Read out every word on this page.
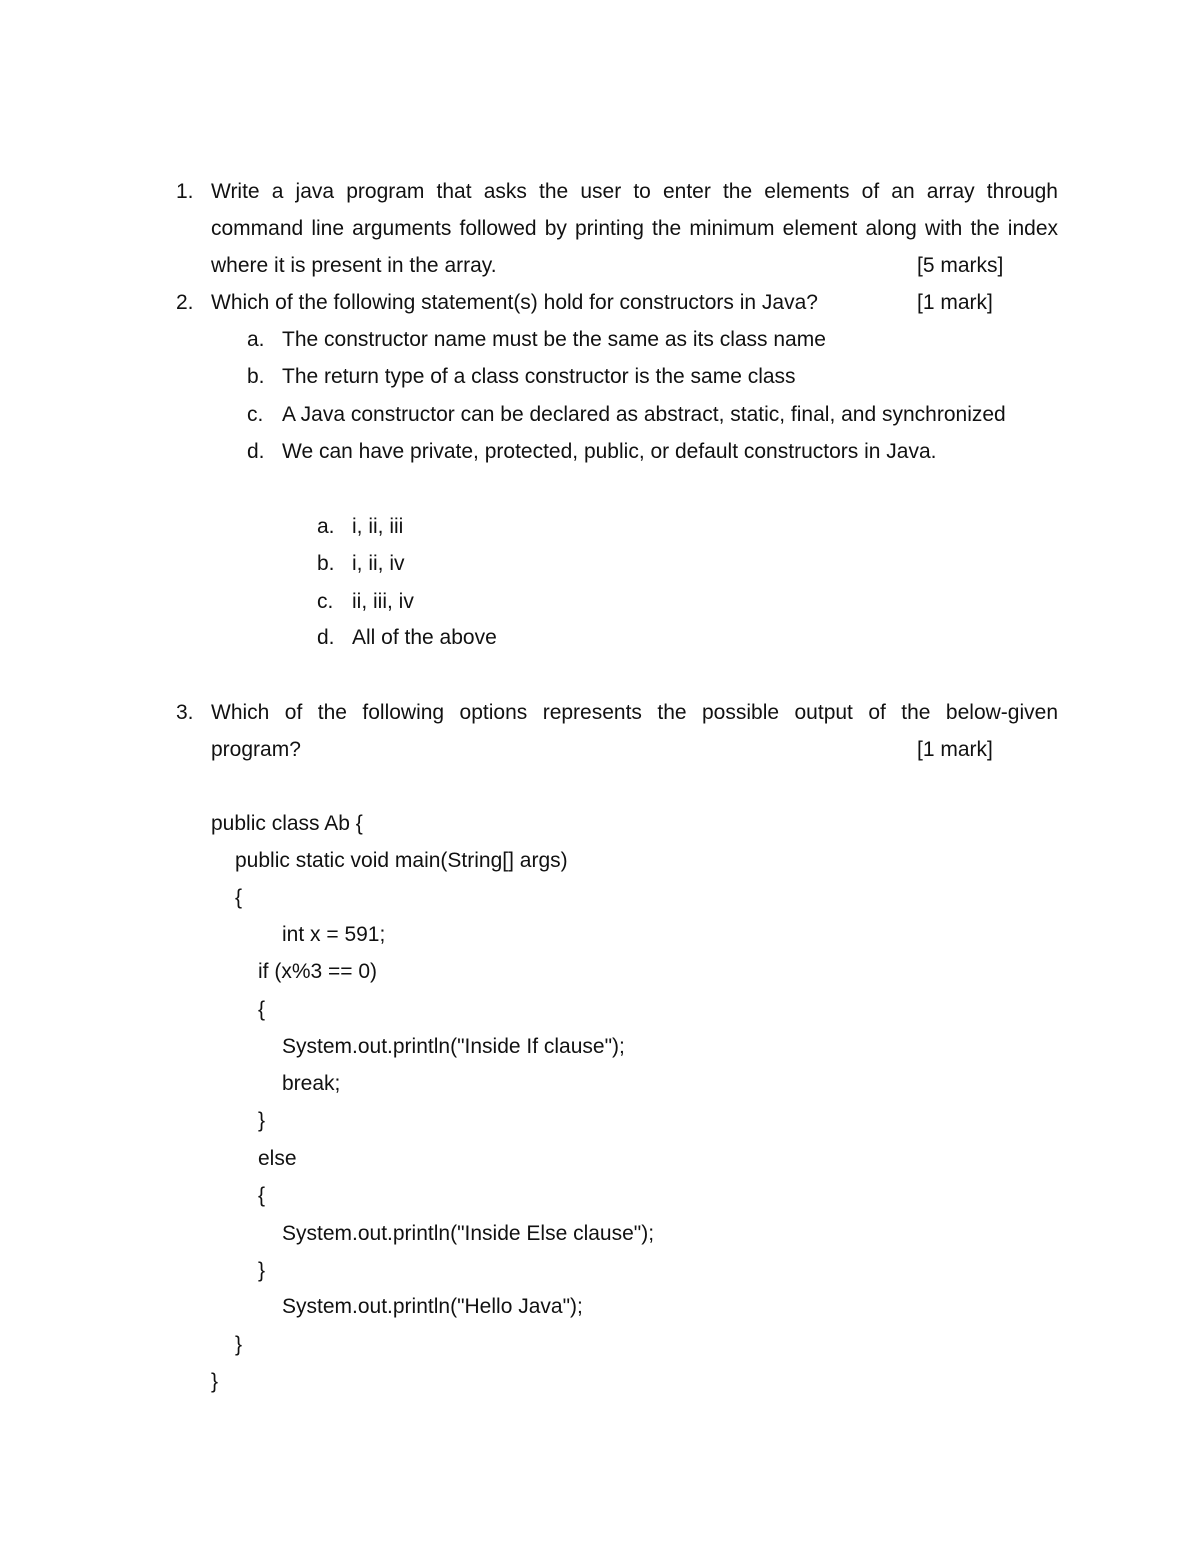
1. Write a java program that asks the user to enter the elements of an array through
command line arguments followed by printing the minimum element along with the index
where it is present in the array.	[5 marks]
2. Which of the following statement(s) hold for constructors in Java?	[1 mark]
a. The constructor name must be the same as its class name
b. The return type of a class constructor is the same class
c. A Java constructor can be declared as abstract, static, final, and synchronized
d. We can have private, protected, public, or default constructors in Java.
a. i, ii, iii
b. i, ii, iv
c. ii, iii, iv
d. All of the above
3. Which of the following options represents the possible output of the below-given
program?	[1 mark]
public class Ab {
public static void main(String[] args)
{
int x = 591;
if (x%3 == 0)
{
System.out.println("Inside If clause");
break;
}
else
{
System.out.println("Inside Else clause");
}
System.out.println("Hello Java");
}
}
